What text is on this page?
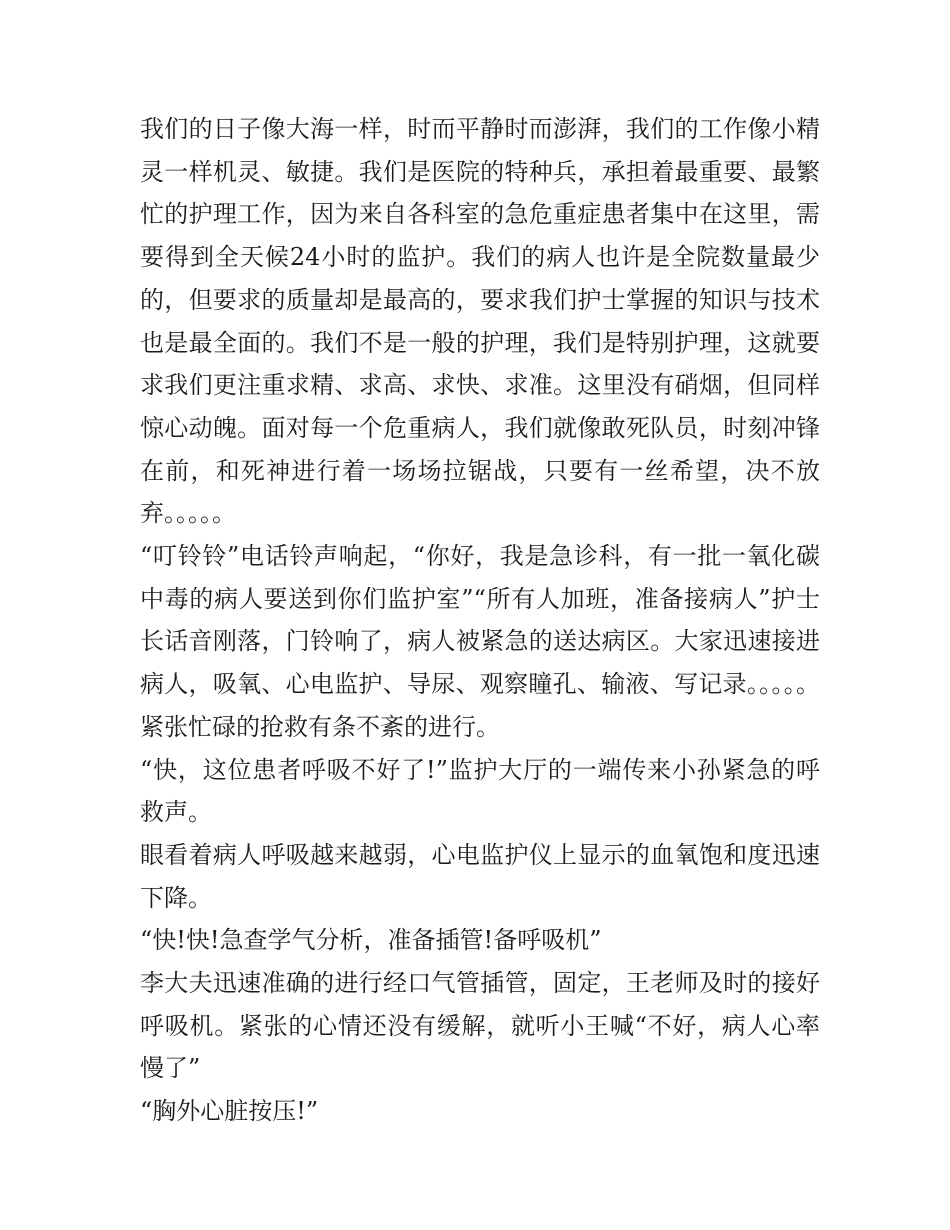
我们的日子像大海一样，时而平静时而澎湃，我们的工作像小精灵一样机灵、敏捷。我们是医院的特种兵，承担着最重要、最繁忙的护理工作，因为来自各科室的急危重症患者集中在这里，需要得到全天候24小时的监护。我们的病人也许是全院数量最少的，但要求的质量却是最高的，要求我们护士掌握的知识与技术也是最全面的。我们不是一般的护理，我们是特别护理，这就要求我们更注重求精、求高、求快、求准。这里没有硝烟，但同样惊心动魄。面对每一个危重病人，我们就像敢死队员，时刻冲锋在前，和死神进行着一场场拉锯战，只要有一丝希望，决不放弃。。。。。

“叮铃铃”电话铃声响起，“你好，我是急诊科，有一批一氧化碳中毒的病人要送到你们监护室”“所有人加班，准备接病人”护士长话音刚落，门铃响了，病人被紧急的送达病区。大家迅速接进病人，吸氧、心电监护、导尿、观察瞳孔、输液、写记录。。。。。紧张忙碌的抢救有条不紊的进行。

“快，这位患者呼吸不好了!”监护大厅的一端传来小孙紧急的呼救声。

眼看着病人呼吸越来越弱，心电监护仪上显示的血氧饱和度迅速下降。

“快!快!急查学气分析，准备插管!备呼吸机”

李大夫迅速准确的进行经口气管插管，固定，王老师及时的接好呼吸机。紧张的心情还没有缓解，就听小王喊“不好，病人心率慢了”

“胸外心脏按压!”
